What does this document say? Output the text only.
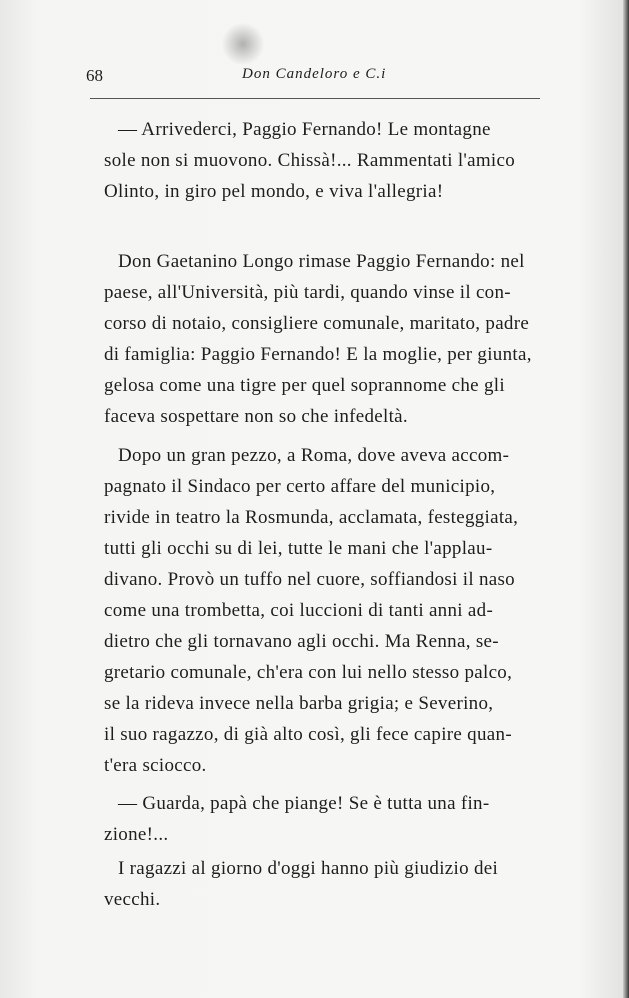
68	Don Candeloro e C.i
— Arrivederci, Paggio Fernando! Le montagne
sole non si muovono. Chissà!... Rammentati l'amico
Olinto, in giro pel mondo, e viva l'allegria!
Don Gaetanino Longo rimase Paggio Fernando: nel
paese, all'Università, più tardi, quando vinse il con-
corso di notaio, consigliere comunale, maritato, padre
di famiglia: Paggio Fernando! E la moglie, per giunta,
gelosa come una tigre per quel soprannome che gli
faceva sospettare non so che infedeltà.
Dopo un gran pezzo, a Roma, dove aveva accom-
pagnato il Sindaco per certo affare del municipio,
rivide in teatro la Rosmunda, acclamata, festeggiata,
tutti gli occhi su di lei, tutte le mani che l'applau-
divano. Provò un tuffo nel cuore, soffiandosi il naso
come una trombetta, coi luccioni di tanti anni ad-
dietro che gli tornavano agli occhi. Ma Renna, se-
gretario comunale, ch'era con lui nello stesso palco,
se la rideva invece nella barba grigia; e Severino,
il suo ragazzo, di già alto così, gli fece capire quan-
t'era sciocco.
— Guarda, papà che piange! Se è tutta una fin-
zione!...
I ragazzi al giorno d'oggi hanno più giudizio dei
vecchi.
